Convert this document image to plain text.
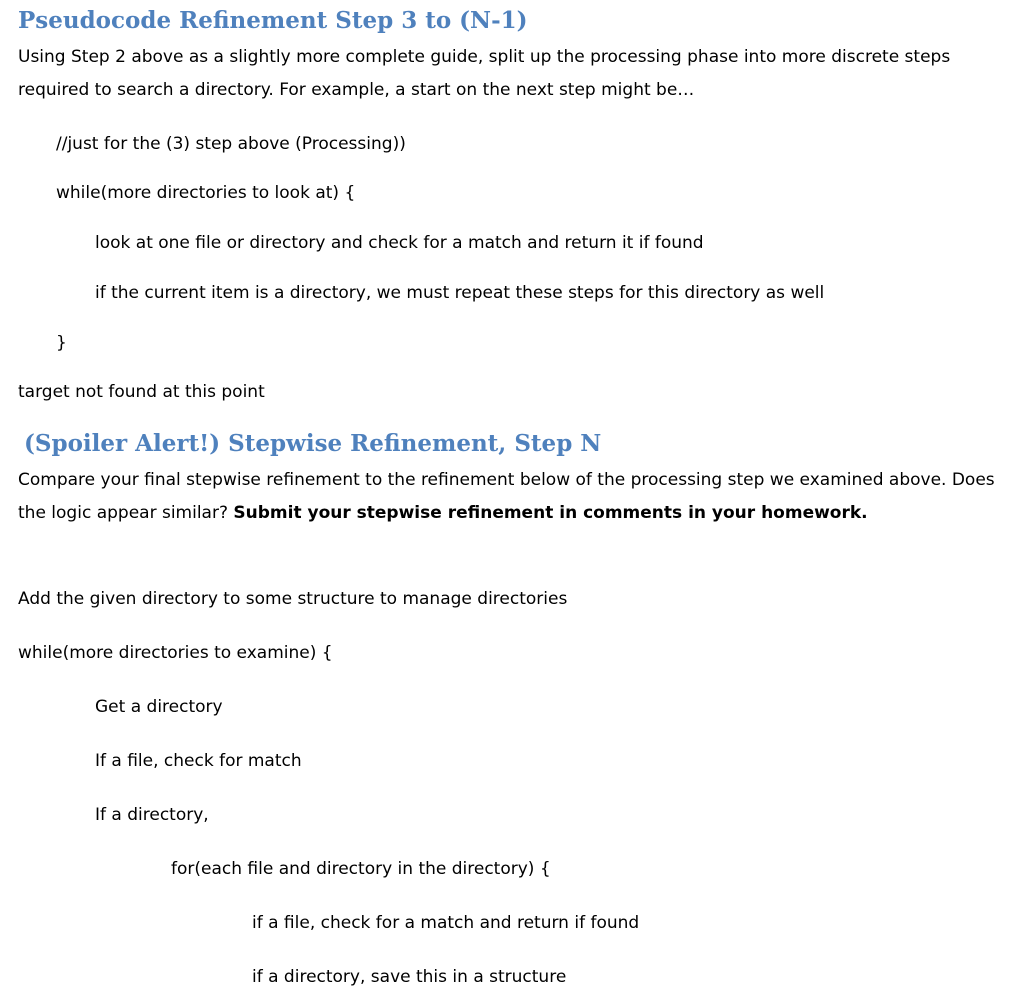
Pseudocode Refinement Step 3 to (N-1)

Using Step 2 above as a slightly more complete guide, split up the processing phase into more discrete steps required to search a directory. For example, a start on the next step might be…

//just for the (3) step above (Processing))
while(more directories to look at) {
look at one file or directory and check for a match and return it if found
if the current item is a directory, we must repeat these steps for this directory as well
}
target not found at this point
(Spoiler Alert!) Stepwise Refinement, Step N

Compare your final stepwise refinement to the refinement below of the processing step we examined above. Does the logic appear similar? Submit your stepwise refinement in comments in your homework.

Add the given directory to some structure to manage directories
while(more directories to examine) {
Get a directory
If a file, check for match
If a directory,
for(each file and directory in the directory) {
if a file, check for a match and return if found
if a directory, save this in a structure
